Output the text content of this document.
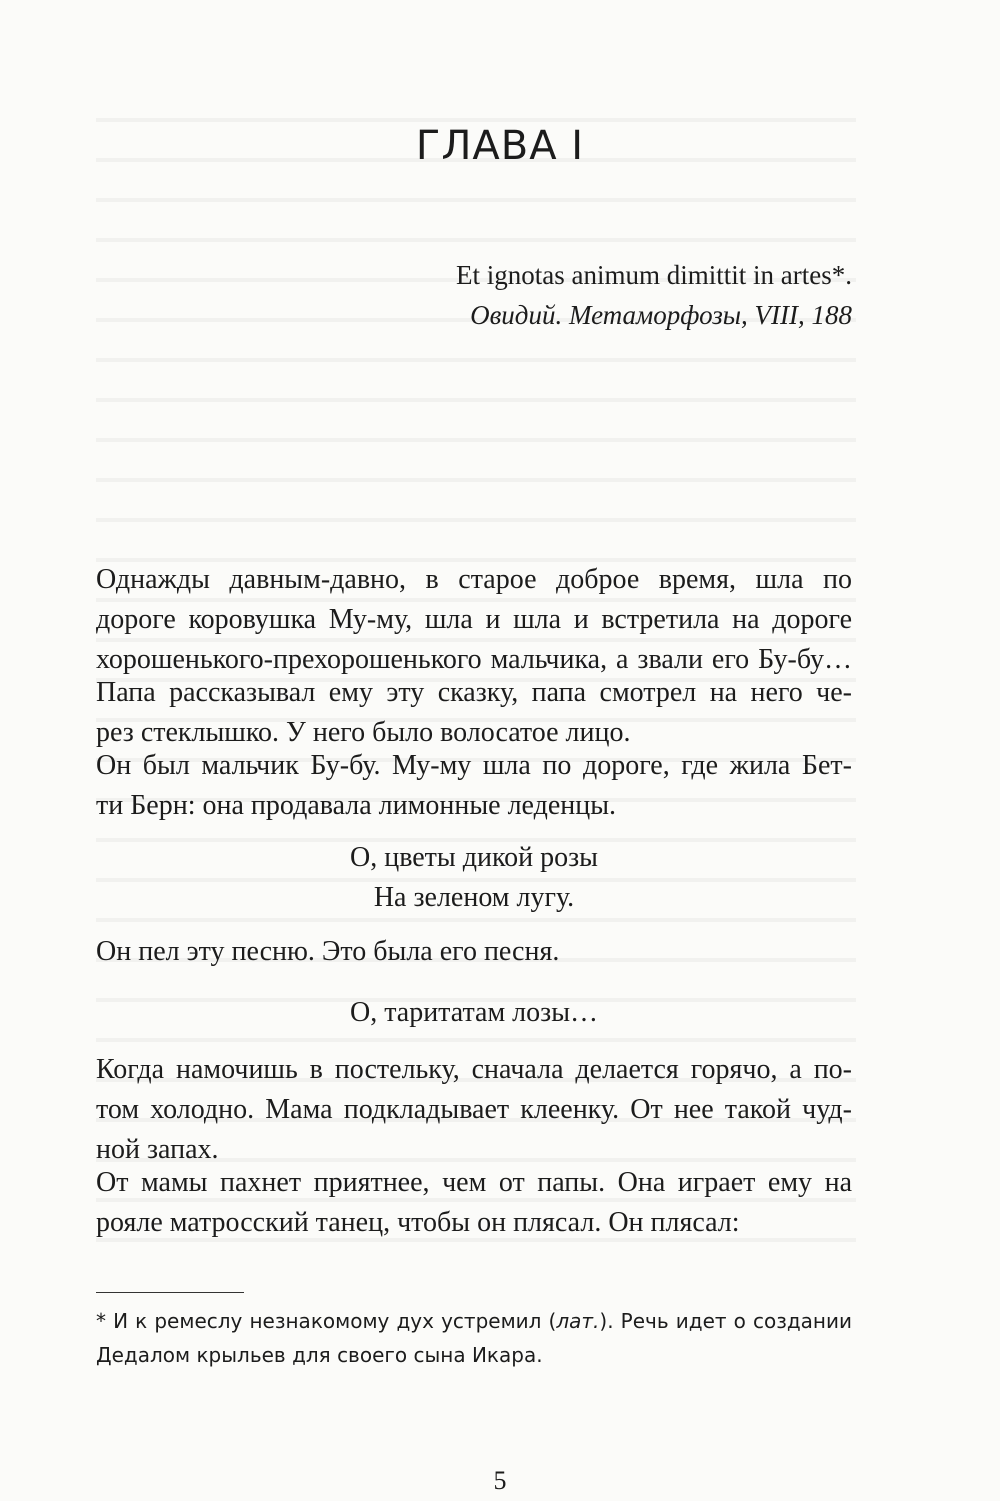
ГЛАВА I
Et ignotas animum dimittit in artes*.
Овидий. Метаморфозы, VIII, 188

Однажды давным-давно, в старое доброе время, шла по
дороге коровушка Му-му, шла и шла и встретила на дороге
хорошенького-прехорошенького мальчика, а звали его Бу-бу…

Папа рассказывал ему эту сказку, папа смотрел на него че-
рез стеклышко. У него было волосатое лицо.

Он был мальчик Бу-бу. Му-му шла по дороге, где жила Бет-
ти Берн: она продавала лимонные леденцы.

О, цветы дикой розы
На зеленом лугу.

Он пел эту песню. Это была его песня.

О, таритатам лозы…

Когда намочишь в постельку, сначала делается горячо, а по-
том холодно. Мама подкладывает клеенку. От нее такой чуд-
ной запах.

От мамы пахнет приятнее, чем от папы. Она играет ему на
рояле матросский танец, чтобы он плясал. Он плясал:

* И к ремеслу незнакомому дух устремил (лат.). Речь идет о создании
Дедалом крыльев для своего сына Икара.
5
